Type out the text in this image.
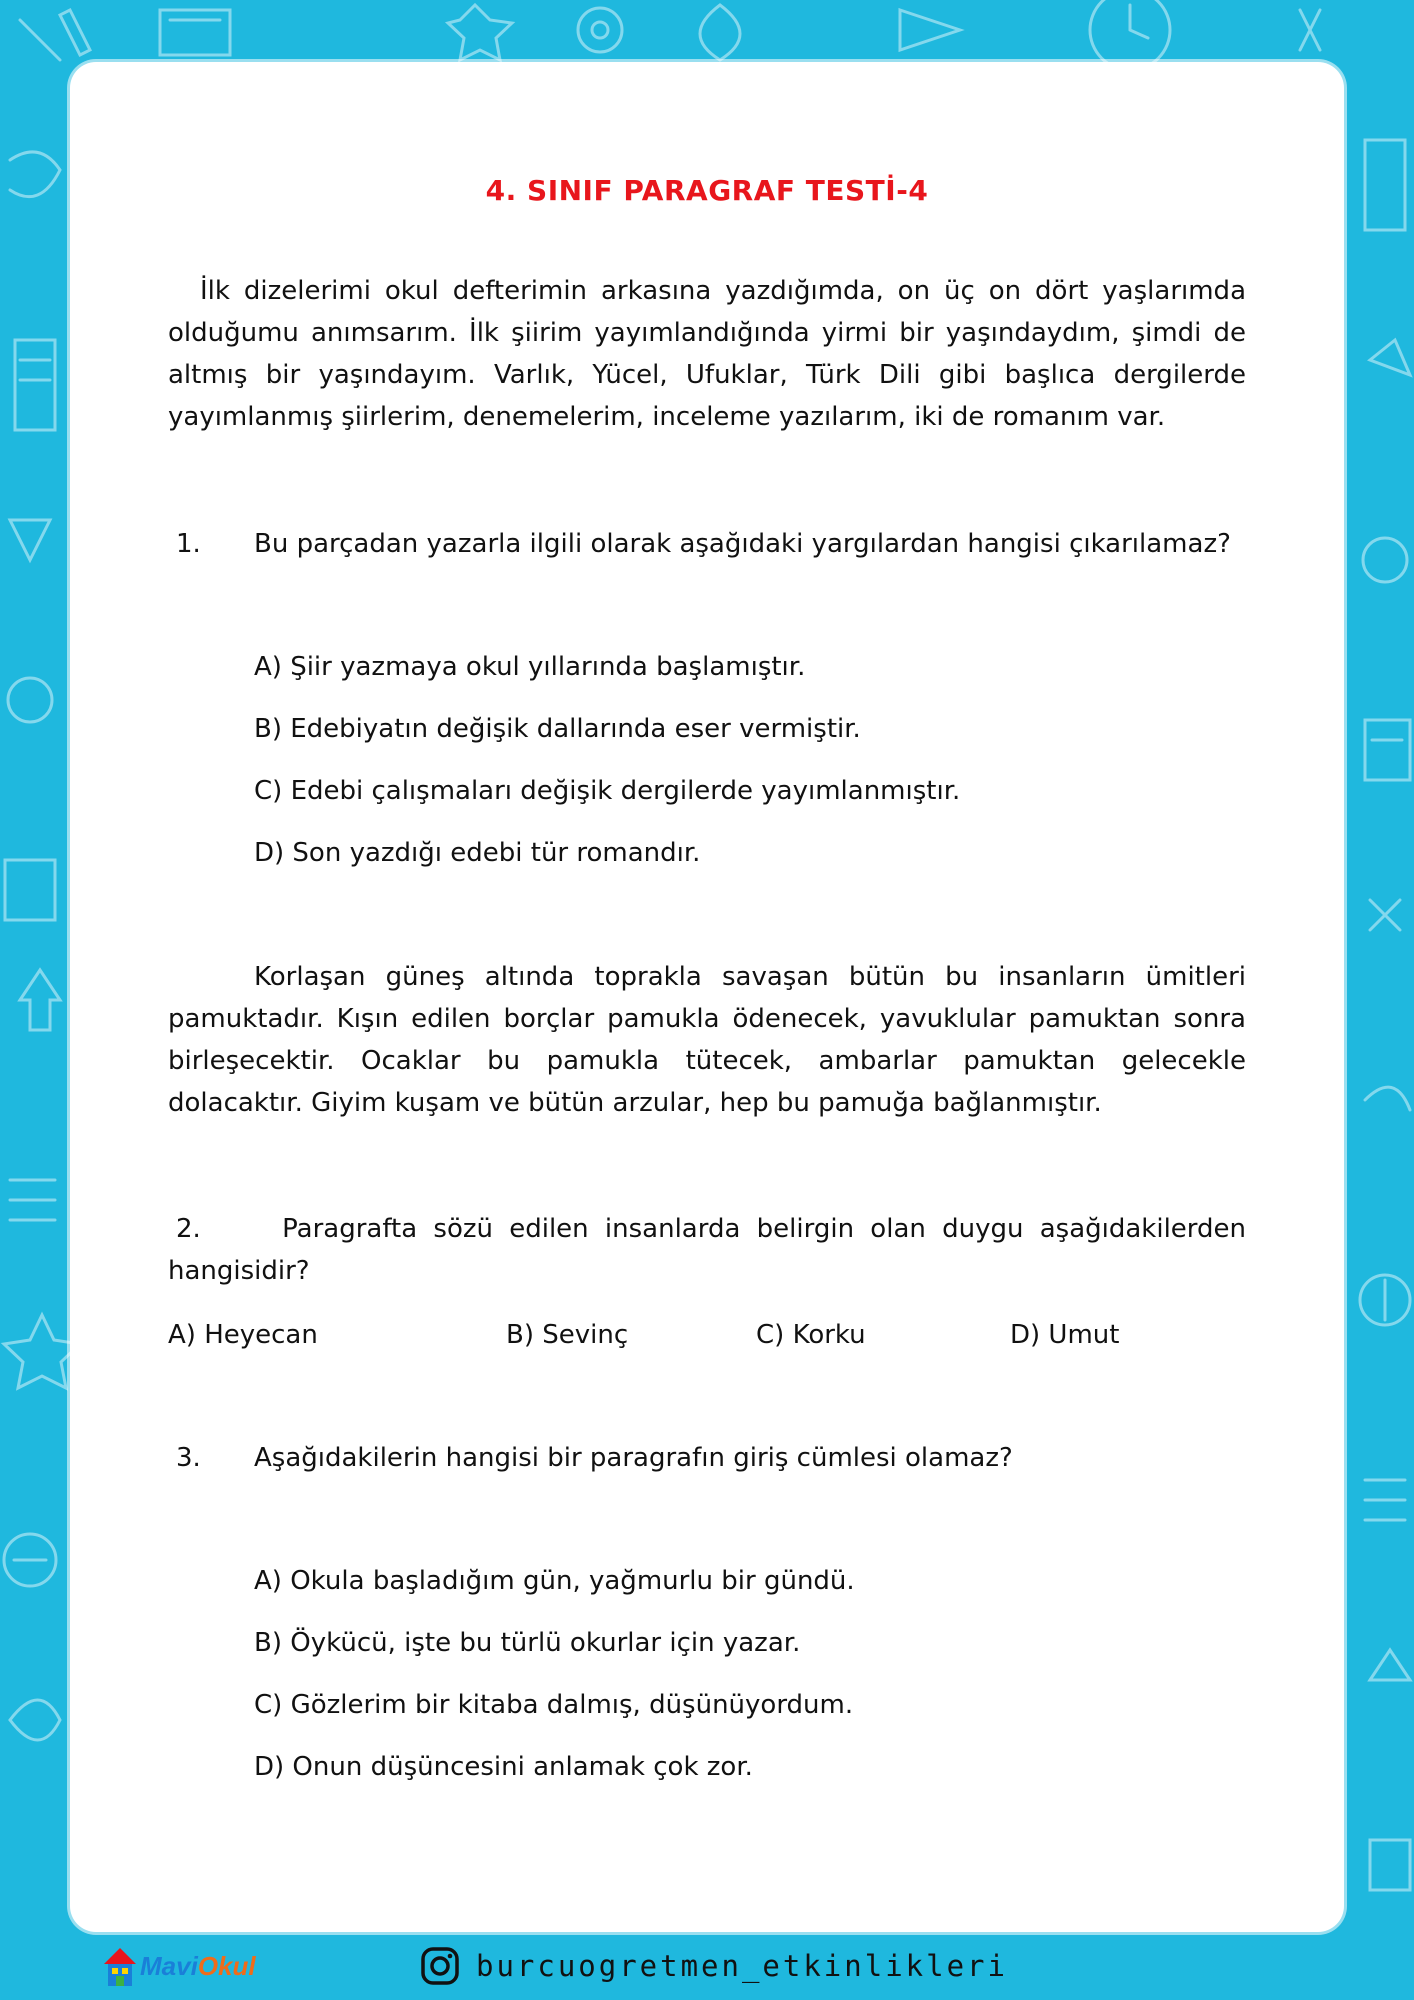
4. SINIF PARAGRAF TESTİ-4

İlk dizelerimi okul defterimin arkasına yazdığımda, on üç on dört yaşlarımda olduğumu anımsarım. İlk şiirim yayımlandığında yirmi bir yaşındaydım, şimdi de altmış bir yaşındayım. Varlık, Yücel, Ufuklar, Türk Dili gibi başlıca dergilerde yayımlanmış şiirlerim, denemelerim, inceleme yazılarım, iki de romanım var.

1. Bu parçadan yazarla ilgili olarak aşağıdaki yargılardan hangisi çıkarılamaz?
A) Şiir yazmaya okul yıllarında başlamıştır.
B) Edebiyatın değişik dallarında eser vermiştir.
C) Edebi çalışmaları değişik dergilerde yayımlanmıştır.
D) Son yazdığı edebi tür romandır.

Korlaşan güneş altında toprakla savaşan bütün bu insanların ümitleri pamuktadır. Kışın edilen borçlar pamukla ödenecek, yavuklular pamuktan sonra birleşecektir. Ocaklar bu pamukla tütecek, ambarlar pamuktan gelecekle dolacaktır. Giyim kuşam ve bütün arzular, hep bu pamuğa bağlanmıştır.

2.	Paragrafta sözü edilen insanlarda belirgin olan duygu aşağıdakilerden hangisidir?
A) Heyecan	B) Sevinç	C) Korku	D) Umut
3. Aşağıdakilerin hangisi bir paragrafın giriş cümlesi olamaz?
A) Okula başladığım gün, yağmurlu bir gündü.
B) Öykücü, işte bu türlü okurlar için yazar.
C) Gözlerim bir kitaba dalmış, düşünüyordum.
D) Onun düşüncesini anlamak çok zor.
MaviOkul	burcuogretmen_etkinlikleri
